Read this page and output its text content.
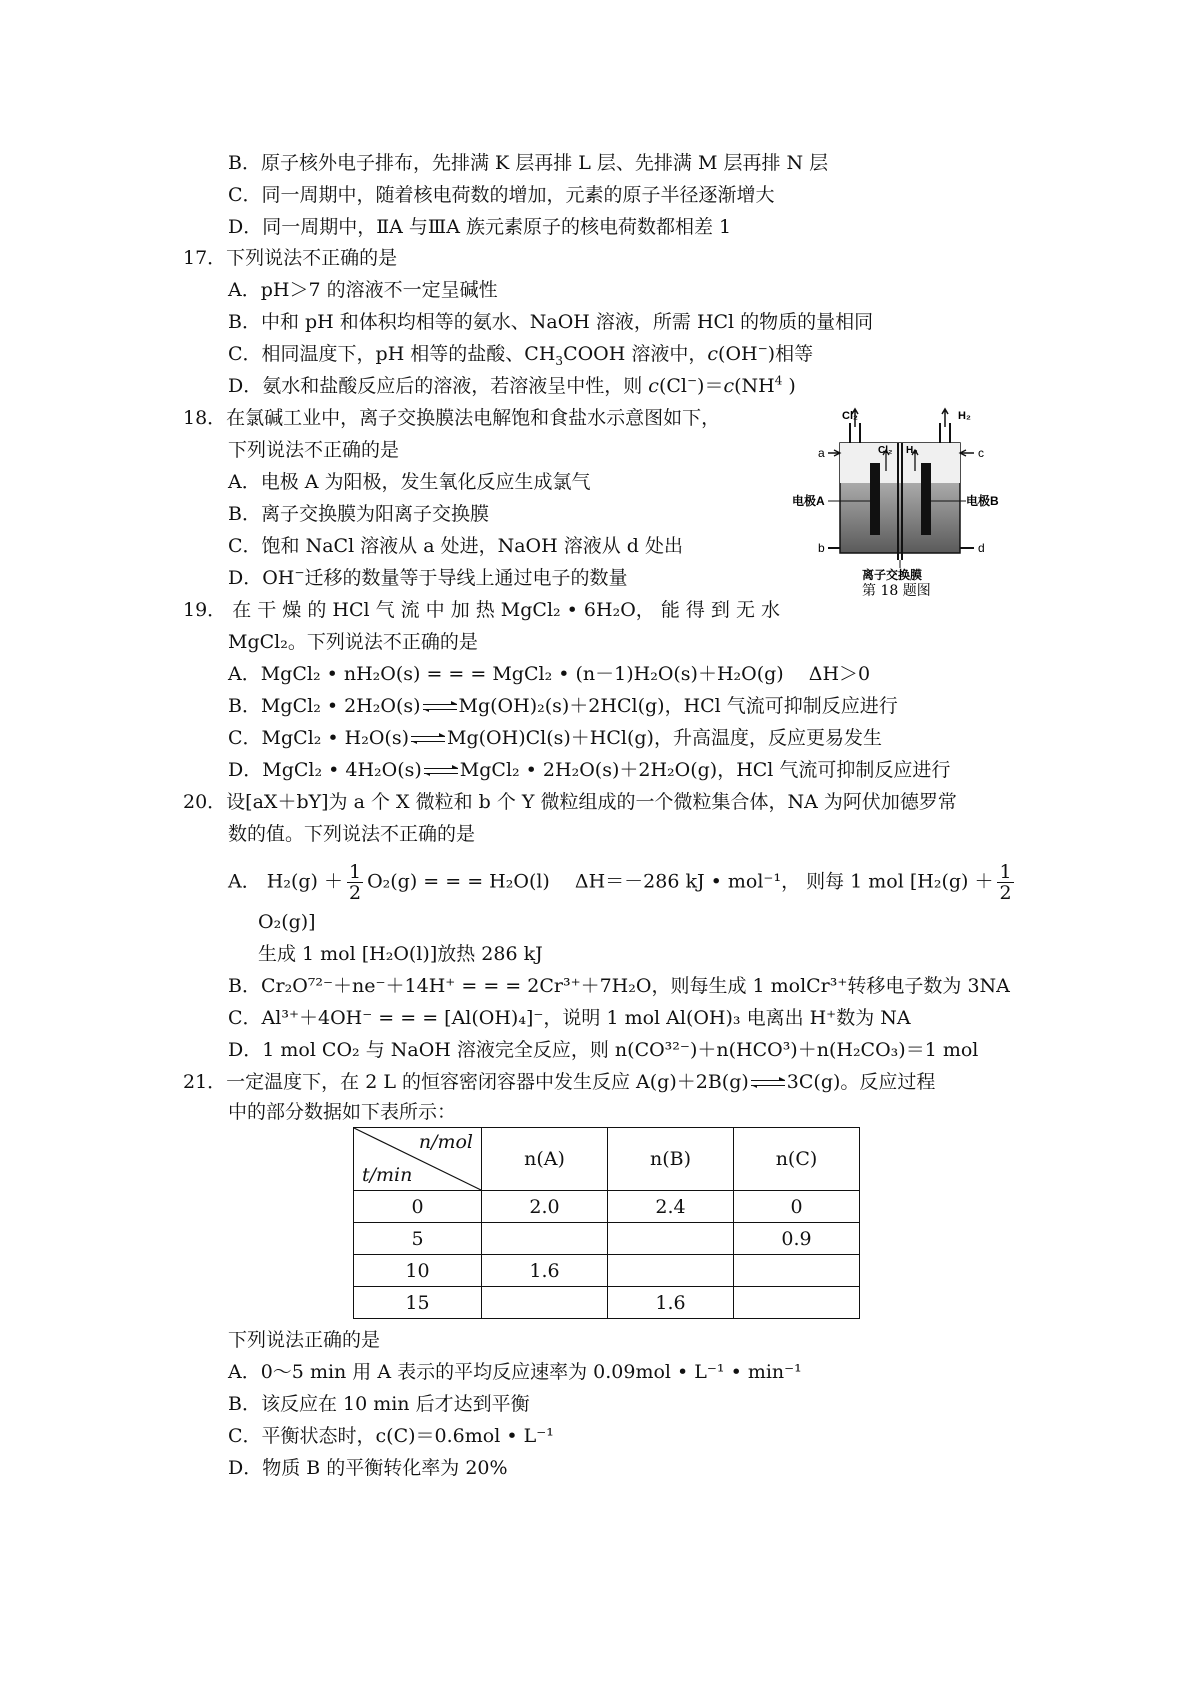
B．原子核外电子排布，先排满 K 层再排 L 层、先排满 M 层再排 N 层
C．同一周期中，随着核电荷数的增加，元素的原子半径逐渐增大
D．同一周期中，ⅡA 与ⅢA 族元素原子的核电荷数都相差 1
17．下列说法不正确的是
A．pH＞7 的溶液不一定呈碱性
B．中和 pH 和体积均相等的氨水、NaOH 溶液，所需 HCl 的物质的量相同
C．相同温度下，pH 相等的盐酸、$CH_3COOH$ 溶液中，c(OH−)相等
D．氨水和盐酸反应后的溶液，若溶液呈中性，则 $c(Cl^-)=c(NH^4$ )
18．在氯碱工业中，离子交换膜法电解饱和食盐水示意图如下，
下列说法不正确的是
A．电极 A 为阳极，发生氧化反应生成氯气
B．离子交换膜为阳离子交换膜
C．饱和 NaCl 溶液从 a 处进，NaOH 溶液从 d 处出
D．OH−迁移的数量等于导线上通过电子的数量
Cl₂	H₂
Cl₂ H₂
a	c
b	d
电极A	电极B
离子交换膜
第 18 题图
19． 在 干 燥 的 HCl 气 流 中 加 热 MgCl₂ • 6H₂O， 能 得 到 无 水
MgCl₂。下列说法不正确的是
A．MgCl₂ • nH₂O(s) = = = MgCl₂ • (n－1)H₂O(s)＋H₂O(g)　 ΔH＞0
B．MgCl₂ • 2H₂O(s) Mg(OH)₂(s)＋2HCl(g)，HCl 气流可抑制反应进行
C．MgCl₂ • H₂O(s) Mg(OH)Cl(s)＋HCl(g)，升高温度，反应更易发生
D．MgCl₂ • 4H₂O(s) MgCl₂ • 2H₂O(s)＋2H₂O(g)，HCl 气流可抑制反应进行
20．设[aX＋bY]为 a 个 X 微粒和 b 个 Y 微粒组成的一个微粒集合体，NA 为阿伏加德罗常
数的值。下列说法不正确的是
A． $H_2(g) + \frac{1}{2} O_2(g)$ = = = H₂O(l)　 ΔH＝－286 kJ • mol⁻¹， 则每 1 mol [$H_2(g) + \frac{1}{2}$
O₂(g)]
生成 1 mol [H₂O(l)]放热 286 kJ
B．Cr₂O⁷²⁻＋ne⁻＋14H⁺ = = = 2Cr³⁺＋7H₂O，则每生成 1 molCr³⁺转移电子数为 3NA
C．Al³⁺＋4OH⁻ = = = [Al(OH)₄]⁻，说明 1 mol Al(OH)₃ 电离出 H⁺数为 NA
D．1 mol CO₂ 与 NaOH 溶液完全反应，则 n(CO³²⁻)＋n(HCO³)＋n(H₂CO₃)＝1 mol
21．一定温度下，在 2 L 的恒容密闭容器中发生反应 A(g)＋2B(g) 3C(g)。反应过程
中的部分数据如下表所示：
n/mol
t/min	n(A)	n(B)	n(C)
0	2.0	2.4	0
5			0.9
10	1.6		
15		1.6	
下列说法正确的是
A．0～5 min 用 A 表示的平均反应速率为 0.09mol • L⁻¹ • min⁻¹
B．该反应在 10 min 后才达到平衡
C．平衡状态时，c(C)＝0.6mol • L⁻¹
D．物质 B 的平衡转化率为 20%
